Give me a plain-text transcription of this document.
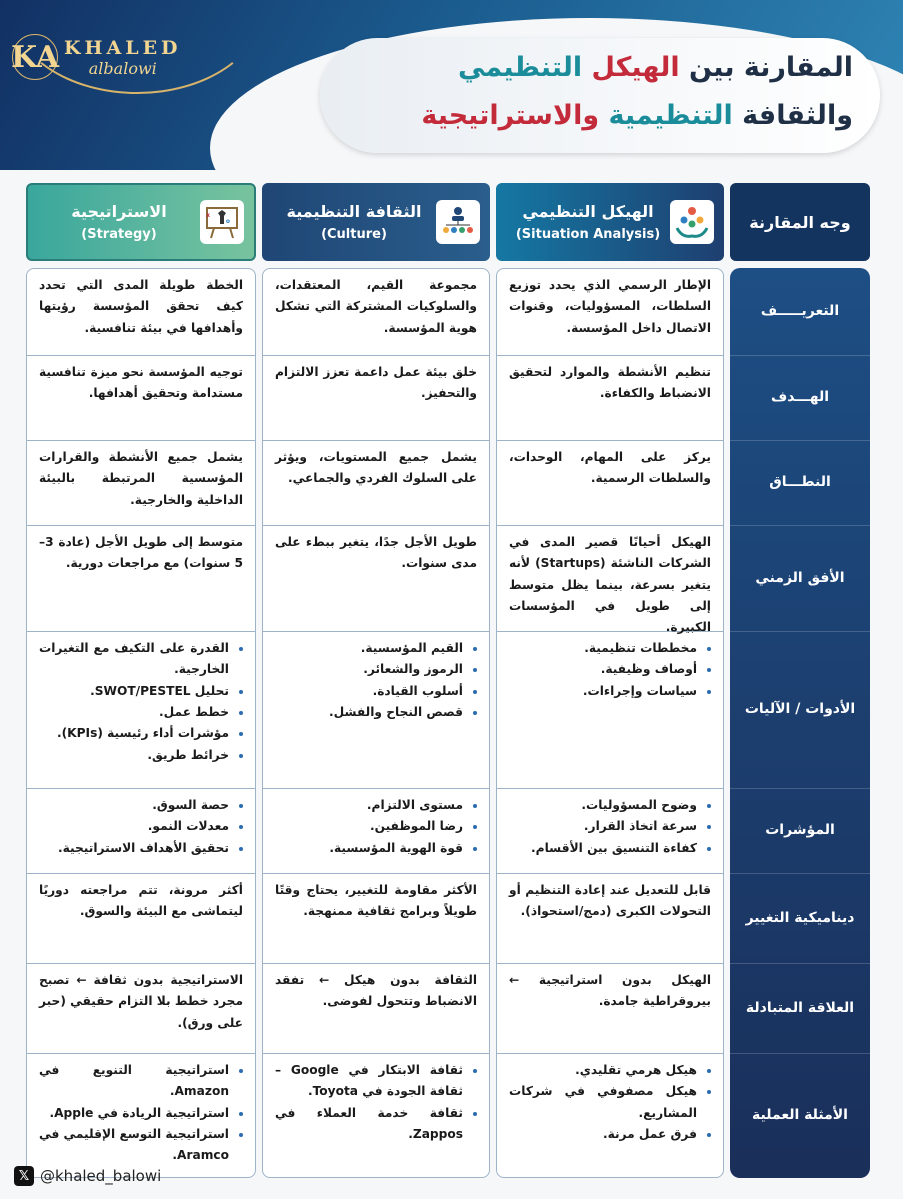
KA KHALED
albalowi	المقارنة بين الهيكل التنظيمي
والثقافة التنظيمية والاستراتيجية
وجه المقارنة
الهيكل التنظيمي
(Situation Analysis)
الثقافة التنظيمية
(Culture)
x
o
الاستراتيجية
(Strategy)
التعريـــــف
الهـــدف
النطـــاق
الأفق الزمني
الأدوات / الآليات
المؤشرات
ديناميكية التغيير
العلاقة المتبادلة
الأمثلة العملية
الإطار الرسمي الذي يحدد توزيع السلطات، المسؤوليات، وقنوات الاتصال داخل المؤسسة.
تنظيم الأنشطة والموارد لتحقيق الانضباط والكفاءة.
يركز على المهام، الوحدات، والسلطات الرسمية.
الهيكل أحيانًا قصير المدى في الشركات الناشئة (Startups) لأنه يتغير بسرعة، بينما يظل متوسط إلى طويل في المؤسسات الكبيرة.
• مخططات تنظيمية.
• أوصاف وظيفية.
• سياسات وإجراءات.
• وضوح المسؤوليات.
• سرعة اتخاذ القرار.
• كفاءة التنسيق بين الأقسام.
قابل للتعديل عند إعادة التنظيم أو التحولات الكبرى (دمج/استحواذ).
الهيكل بدون استراتيجية ← بيروقراطية جامدة.
• هيكل هرمي تقليدي.
• هيكل مصفوفي في شركات المشاريع.
• فرق عمل مرنة.
مجموعة القيم، المعتقدات، والسلوكيات المشتركة التي تشكل هوية المؤسسة.
خلق بيئة عمل داعمة تعزز الالتزام والتحفيز.
يشمل جميع المستويات، ويؤثر على السلوك الفردي والجماعي.
طويل الأجل جدًا، يتغير ببطء على مدى سنوات.
• القيم المؤسسية.
• الرموز والشعائر.
• أسلوب القيادة.
• قصص النجاح والفشل.
• مستوى الالتزام.
• رضا الموظفين.
• قوة الهوية المؤسسية.
الأكثر مقاومة للتغيير، يحتاج وقتًا طويلاً وبرامج ثقافية ممنهجة.
الثقافة بدون هيكل ← تفقد الانضباط وتتحول لفوضى.
• ثقافة الابتكار في Google – ثقافة الجودة في Toyota.
• ثقافة خدمة العملاء في Zappos.
الخطة طويلة المدى التي تحدد كيف تحقق المؤسسة رؤيتها وأهدافها في بيئة تنافسية.
توجيه المؤسسة نحو ميزة تنافسية مستدامة وتحقيق أهدافها.
يشمل جميع الأنشطة والقرارات المؤسسية المرتبطة بالبيئة الداخلية والخارجية.
متوسط إلى طويل الأجل (عادة 3–5 سنوات) مع مراجعات دورية.
• القدرة على التكيف مع التغيرات الخارجية.
• تحليل SWOT/PESTEL.
• خطط عمل.
• مؤشرات أداء رئيسية (KPIs).
• خرائط طريق.
• حصة السوق.
• معدلات النمو.
• تحقيق الأهداف الاستراتيجية.
أكثر مرونة، تتم مراجعته دوريًا ليتماشى مع البيئة والسوق.
الاستراتيجية بدون ثقافة ← تصبح مجرد خطط بلا التزام حقيقي (حبر على ورق).
• استراتيجية التنويع في Amazon.
• استراتيجية الريادة في Apple.
• استراتيجية التوسع الإقليمي في Aramco.
𝕏 @khaled_balowi
